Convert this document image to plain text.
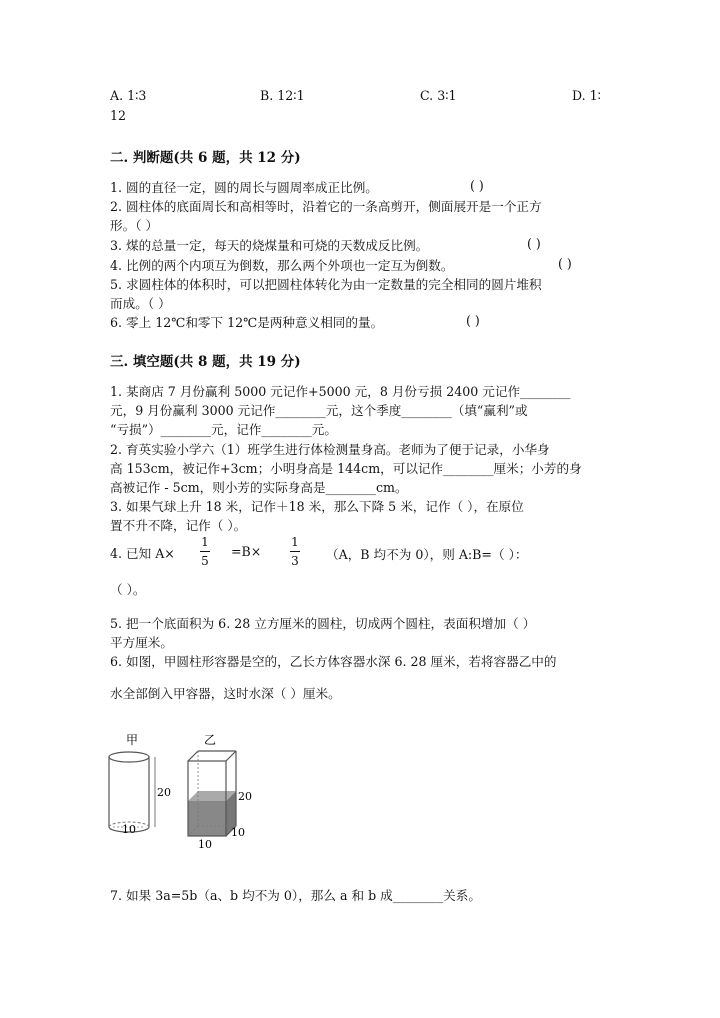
A. 1∶3	B. 12∶1	C. 3∶1	D. 1∶
12
二. 判断题(共 6 题，共 12 分)
1. 圆的直径一定，圆的周长与圆周率成正比例。	( )
2. 圆柱体的底面周长和高相等时，沿着它的一条高剪开，侧面展开是一个正方
形。（ ）
3. 煤的总量一定，每天的烧煤量和可烧的天数成反比例。	( )
4. 比例的两个内项互为倒数，那么两个外项也一定互为倒数。	( )
5. 求圆柱体的体积时，可以把圆柱体转化为由一定数量的完全相同的圆片堆积
而成。（ ）
6. 零上 12℃和零下 12℃是两种意义相同的量。	( )
三. 填空题(共 8 题，共 19 分)
1. 某商店 7 月份赢利 5000 元记作+5000 元，8 月份亏损 2400 元记作________
元，9 月份赢利 3000 元记作________元，这个季度________（填“赢利”或
“亏损”）________元，记作________元。
2. 育英实验小学六（1）班学生进行体检测量身高。老师为了便于记录，小华身
高 153cm，被记作+3cm；小明身高是 144cm，可以记作________厘米；小芳的身
高被记作 - 5cm，则小芳的实际身高是________cm。
3. 如果气球上升 18 米，记作＋18 米，那么下降 5 米，记作（ ），在原位
置不升不降，记作（ ）。
4. 已知 A×
1
5
=B×
1
3 （A，B 均不为 0），则 A:B=（ ）：
（ ）。
5. 把一个底面积为 6. 28 立方厘米的圆柱，切成两个圆柱，表面积增加（ ）
平方厘米。
6. 如图，甲圆柱形容器是空的，乙长方体容器水深 6. 28 厘米，若将容器乙中的
水全部倒入甲容器，这时水深（ ）厘米。
甲
20
10
乙
20
10
10
7. 如果 3a=5b（a、b 均不为 0），那么 a 和 b 成________关系。
